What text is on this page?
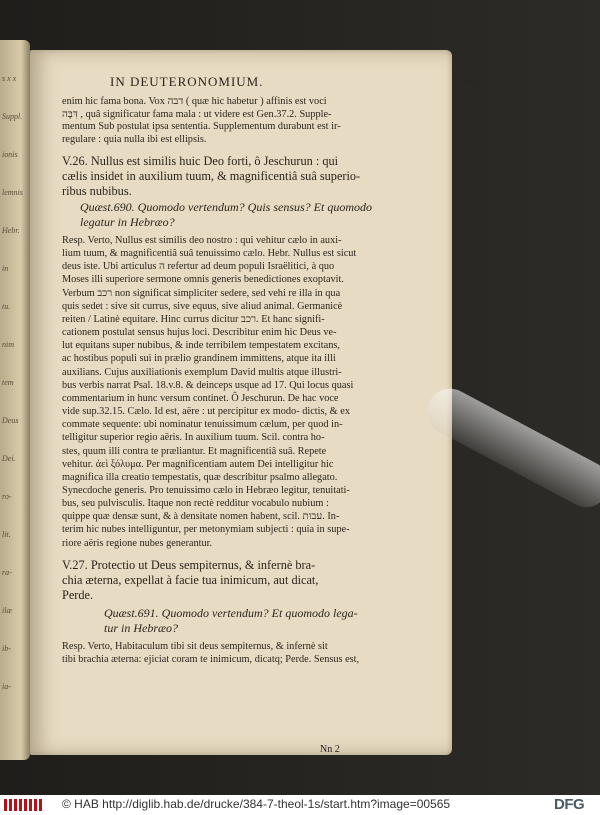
s x x
Suppl.
ionis
lemnis
Hebr.
in
tu.
nim
tem
Deus
Dei.
ro-
lit.
ra-
ilæ
ib-
ia-
IN DEUTERONOMIUM.	563
enim hic fama bona. Vox דבה ( quæ hic habetur ) affinis est voci
דִּבָּה , quâ significatur fama mala : ut videre est Gen.37.2. Supple-
mentum Sub postulat ipsa sententia. Supplementum durabunt est ir-
regulare : quia nulla ibi est ellipsis.
V.26. Nullus est similis huic Deo forti, ô Jeschurun : qui
cælis insidet in auxilium tuum, & magnificentiâ suâ superio-
ribus nubibus.
Quæst.690. Quomodo vertendum? Quis sensus? Et quomodo
legatur in Hebræo?
Resp. Verto, Nullus est similis deo nostro : qui vehitur cælo in auxi-
lium tuum, & magnificentiâ suâ tenuissimo cælo. Hebr. Nullus est sicut
deus iste. Ubi articulus ה refertur ad deum populi Israëlitici, à quo
Moses illi superiore sermone omnis generis benedictiones exoptavit.
Verbum רכב non significat simpliciter sedere, sed vehi re illa in qua
quis sedet : sive sit currus, sive equus, sive aliud animal. Germanicè
reiten / Latinè equitare. Hinc currus dicitur רכב. Et hanc signifi-
cationem postulat sensus hujus loci. Describitur enim hic Deus ve-
lut equitans super nubibus, & inde terribilem tempestatem excitans,
ac hostibus populi sui in prælio grandinem immittens, atque ita illi
auxilians. Cujus auxiliationis exemplum David multis atque illustri-
bus verbis narrat Psal. 18.v.8. & deinceps usque ad 17. Qui locus quasi
commentarium in hunc versum continet. Ô Jeschurun. De hac voce
vide sup.32.15. Cælo. Id est, aëre : ut percipitur ex modo- dictis, & ex
commate sequente: ubi nominatur tenuissimum cælum, per quod in-
telligitur superior regio aëris. In auxilium tuum. Scil. contra ho-
stes, quum illi contra te præliantur. Et magnificentiâ suâ. Repete
vehitur. ἀεὶ ξόλυμα. Per magnificentiam autem Dei intelligitur hic
magnifica illa creatio tempestatis, quæ describitur psalmo allegato.
Synecdoche generis. Pro tenuissimo cælo in Hebræo legitur, tenuitati-
bus, seu pulvisculis. Itaque non rectè redditur vocabulo nubium :
quippe quæ densæ sunt, & à densitate nomen habent, scil. עבות. In-
terim hic nubes intelliguntur, per metonymiam subjecti : quia in supe-
riore aëris regione nubes generantur.
V.27. Protectio ut Deus sempiternus, & infernè bra-
chia æterna, expellat à facie tua inimicum, aut dicat,
Perde.
Quæst.691. Quomodo vertendum? Et quomodo lega-
tur in Hebræo?
Resp. Verto, Habitaculum tibi sit deus sempiternus, & infernè sit
tibi brachia æterna: ejiciat coram te inimicum, dicatq; Perde. Sensus est,
Nn 2
© HAB http://diglib.hab.de/drucke/384-7-theol-1s/start.htm?image=00565	DFG
